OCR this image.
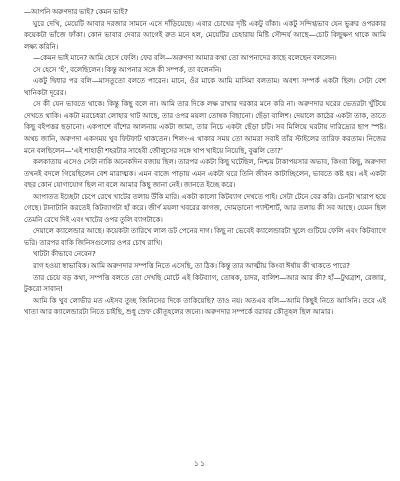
—আপনি অরুণদার ভাই? কেমন ভাই?

ঘুরে দেখি, মেয়েটি আবার দরজার সামনে এসে দাঁড়িয়েছে। এবার চোখের দৃষ্টি একটু বাঁকা। একটু সন্দিগ্ধভাব যেন ভুরুর ওপরকার কয়েকটা ভাঁজে ফাঁকা। কোন ভাবার দেবার আগেই রুত মনে হল, মেয়েটির চেহারায় মিষ্টি সৌন্দর্য আছে—চোট কিছুক্ষণ থাকে আমি লক্ষ্য করিনি।

—কেমন ভাই মানে? আমি হেসে ফেলি। ফের বলি—অরুণদা আমার কথা তো আপনাদের কাছে বলেছেন বললেন।

সে হেসে ‘হঁ’, বলেছিলেন। কিন্তু আপনার সঙ্গে কী সম্পর্ক, তা বলেননি।

একটু দ্বিধার পর বলি—মাসতুতো বলতে পারেন। মানে, ওঁর মাকে আমি মাসিমা বলতাম। অবশ্য সম্পর্ক একটা ছিল। সেটা বেশ খানিকটা দূরের।

সে কী যেন ভাবতে থাকে। কিন্তু কিছু বলে না। আমি তার দিকে লক্ষ রাখার দরকার মনে করি না। অরুণদার ঘরের ভেতরটা খুঁটিয়ে দেখতে থাকি। একটা মরচেধরা লোহার খাট আছে, তার ওপর ময়লা তোষক বিছানো। ছেঁড়া বালিশ। দেয়ালে কাঠের একটা তাক, তাতে কিছু বইপত্তর ছড়ানো। একপাশে বাঁশের আলনায় একটা জামা, তার নিচে একটা ছেঁড়া চটি। সব মিলিয়ে ঘরটায় দারিদ্র্যের ছাপ স্পষ্ট। অথচ জানি, অরুণদা একসময় খুব ফিটফাট থাকতেন। শিলং-এ থাকার সময় তো আমরা সবাই তাঁর স্টাইলের তারিফ করতাম। নিজের মনে বলছিলেন—‘এই শাহাড়ী শহরটার সাহেবী জৌলুসের সঙ্গে খাপ খাইয়ে নিয়েছি, বুঝলি তো?’

কলকাতায় এসেও সেটা নাকি অনেকদিন বজায় ছিল। তারপর একটা কিছু ঘটেছিল, নিশ্চয় টাকাপয়সার অভাব, কিংবা কিছু, অরুণদা তখনই বদলে গিয়েছিলেন বেশ মারাত্মক। এমন বাজে পাড়ায় এমন একটা ঘরে তিনি জীবন কাটাচ্ছিলেন, ভাবতে কষ্ট হয়। এই একটা বছর কোন যোগাযোগ ছিল না বলে আমার কিছু জানা নেই। জানতে ইচ্ছে করে।

আপাতত ইচ্ছেটা চেপে রেখে খাটের তলায় উঁকি মারি। একটা কালো কিটব্যাগ দেখতে পাই। সেটা টেনে বের করি। চেনটা খারাপ হয়ে গেছে। টানাটানি করতেই কিটব্যাগটা হাঁ করে। জীর্ণ ময়লা খবরের কাগজ, দোমড়ানো প্যান্টশার্ট, আর তলায় কী সব আছে। যেমন ছিল তেমনি রেখে দিই এবং খাটের ওপর তুলি ব্যাগটাকে।

দেয়ালে ক্যালেন্ডার আছে। কয়েকটা তারিখে লাল ডট পেনের দাগ। কিছু না ভেবেই ক্যালেন্ডারটা খুলে গুটিয়ে ফেলি এবং কিটব্যাগে ভরি। তারপর বাকি জিনিসগুলোর ওপর চোখ রাখি।

খাটটা কীভাবে নেবেন?

রাগ হওয়া স্বাভাবিক। আমি অরুণদার সম্পত্তি নিতে এসেছি, তা ঠিক। কিন্তু তার আত্মীয় কিংবা ঈর্ষায় কী থাকতে পারে?

তার চেয়ে বড় কথা, সম্পত্তি বলতে তো দেখছি মোটে এই কিটব্যাগ, তোষক, চাদর, বালিশ—আর আর কী? হাঁ—টুথব্রাশ, রেজার, টুকরো সাবান!

আমি কি খুব লোভীর মত এইসব তুচ্ছ জিনিসের দিকে তাকিয়েছি? তাও নয়। অতএব বলি—আমি কিছুই নিতে আসিনি। তবে এই খাতা আর ক্যালেন্ডারটা নিতে চাইছি, শুধু স্রেফ কৌতূহলের জন্যে। অরুণদার সম্পর্কে বরাবর কৌতূহল ছিল আমার।

১১
